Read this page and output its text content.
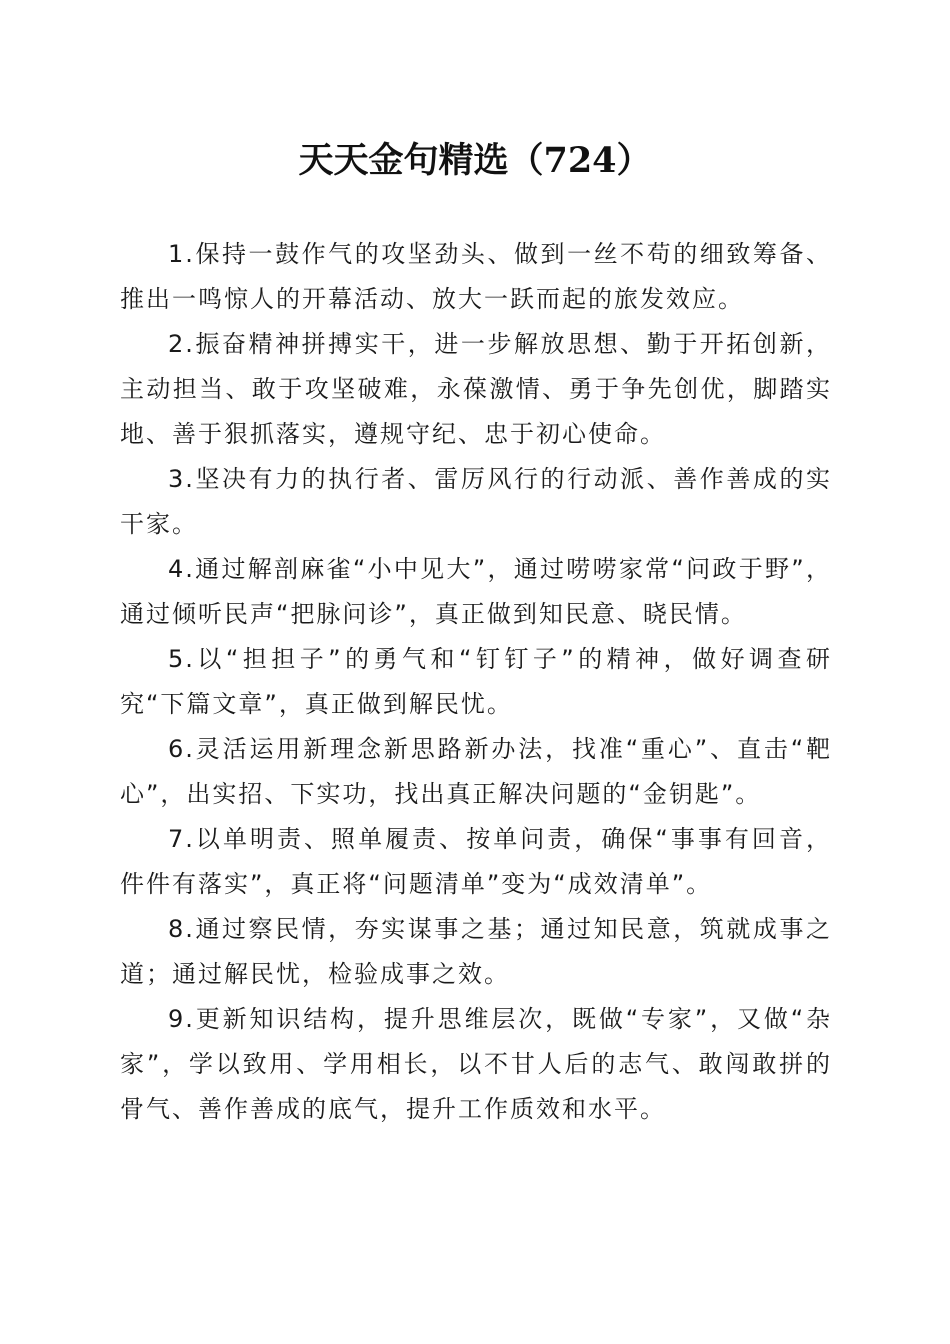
天天金句精选（724）

1.保持一鼓作气的攻坚劲头、做到一丝不苟的细致筹备、推出一鸣惊人的开幕活动、放大一跃而起的旅发效应。

2.振奋精神拼搏实干，进一步解放思想、勤于开拓创新，主动担当、敢于攻坚破难，永葆激情、勇于争先创优，脚踏实地、善于狠抓落实，遵规守纪、忠于初心使命。

3.坚决有力的执行者、雷厉风行的行动派、善作善成的实干家。

4.通过解剖麻雀“小中见大”，通过唠唠家常“问政于野”，通过倾听民声“把脉问诊”，真正做到知民意、晓民情。

5.以“担担子”的勇气和“钉钉子”的精神，做好调查研究“下篇文章”，真正做到解民忧。

6.灵活运用新理念新思路新办法，找准“重心”、直击“靶心”，出实招、下实功，找出真正解决问题的“金钥匙”。

7.以单明责、照单履责、按单问责，确保“事事有回音，件件有落实”，真正将“问题清单”变为“成效清单”。

8.通过察民情，夯实谋事之基；通过知民意，筑就成事之道；通过解民忧，检验成事之效。

9.更新知识结构，提升思维层次，既做“专家”，又做“杂家”，学以致用、学用相长，以不甘人后的志气、敢闯敢拼的骨气、善作善成的底气，提升工作质效和水平。
